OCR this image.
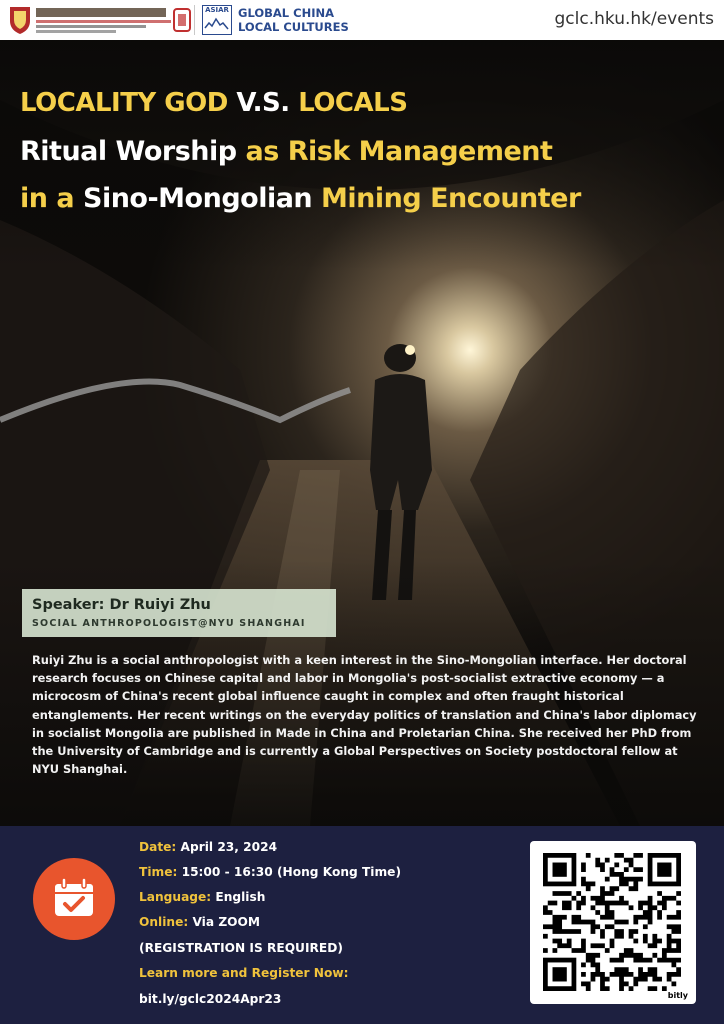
ASIAR GLOBAL CHINA
LOCAL CULTURES	gclc.hku.hk/events
LOCALITY GOD V.S. LOCALS
Ritual Worship as Risk Management
in a Sino-Mongolian Mining Encounter
Speaker: Dr Ruiyi Zhu
SOCIAL ANTHROPOLOGIST@NYU SHANGHAI
Ruiyi Zhu is a social anthropologist with a keen interest in the Sino-Mongolian interface. Her doctoral research focuses on Chinese capital and labor in Mongolia's post-socialist extractive economy — a microcosm of China's recent global influence caught in complex and often fraught historical entanglements. Her recent writings on the everyday politics of translation and China's labor diplomacy in socialist Mongolia are published in Made in China and Proletarian China. She received her PhD from the University of Cambridge and is currently a Global Perspectives on Society postdoctoral fellow at NYU Shanghai.
Date: April 23, 2024
Time: 15:00 - 16:30 (Hong Kong Time)
Language: English
Online: Via ZOOM
(REGISTRATION IS REQUIRED)
Learn more and Register Now:
bit.ly/gclc2024Apr23	bitly
